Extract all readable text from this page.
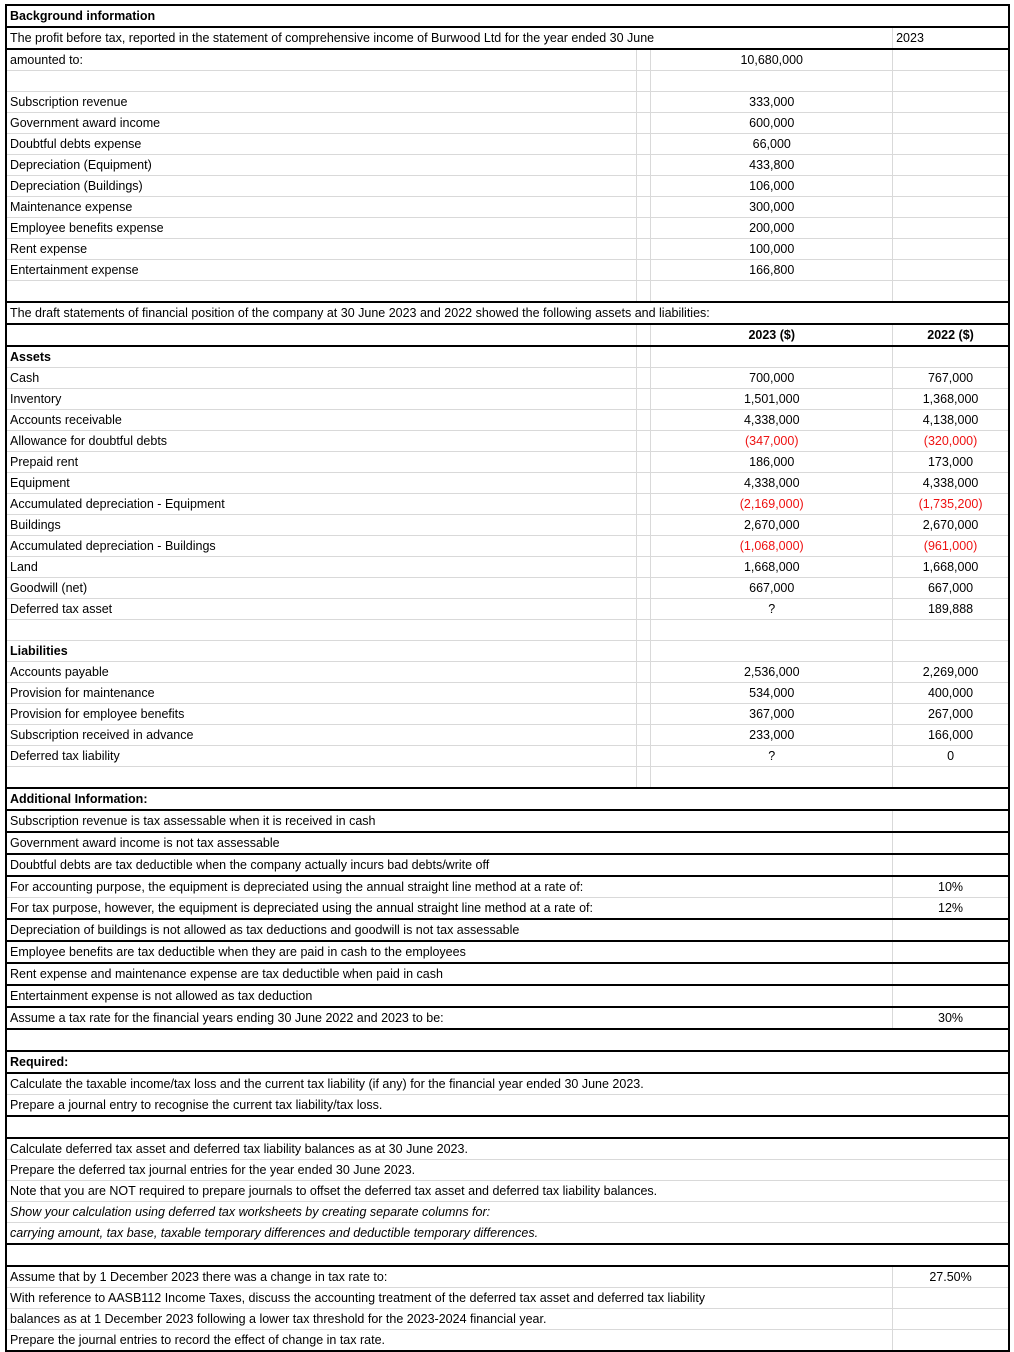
Background information			
The profit before tax, reported in the statement of comprehensive income of Burwood Ltd for the year ended 30 June			2023
amounted to:		10,680,000	

Subscription revenue		333,000	
Government award income		600,000	
Doubtful debts expense		66,000	
Depreciation (Equipment)		433,800	
Depreciation (Buildings)		106,000	
Maintenance expense		300,000	
Employee benefits expense		200,000	
Rent expense		100,000	
Entertainment expense		166,800	

The draft statements of financial position of the company at 30 June 2023 and 2022 showed the following assets and liabilities:			
		2023 ($)	2022 ($)
Assets			
Cash		700,000	767,000
Inventory		1,501,000	1,368,000
Accounts receivable		4,338,000	4,138,000
Allowance for doubtful debts		(347,000)	(320,000)
Prepaid rent		186,000	173,000
Equipment		4,338,000	4,338,000
Accumulated depreciation - Equipment		(2,169,000)	(1,735,200)
Buildings		2,670,000	2,670,000
Accumulated depreciation - Buildings		(1,068,000)	(961,000)
Land		1,668,000	1,668,000
Goodwill (net)		667,000	667,000
Deferred tax asset		?	189,888

Liabilities			
Accounts payable		2,536,000	2,269,000
Provision for maintenance		534,000	400,000
Provision for employee benefits		367,000	267,000
Subscription received in advance		233,000	166,000
Deferred tax liability		?	0

Additional Information:			
Subscription revenue is tax assessable when it is received in cash			
Government award income is not tax assessable			
Doubtful debts are tax deductible when the company actually incurs bad debts/write off			
For accounting purpose, the equipment is depreciated using the annual straight line method at a rate of:			10%
For tax purpose, however, the equipment is depreciated using the annual straight line method at a rate of:			12%
Depreciation of buildings is not allowed as tax deductions and goodwill is not tax assessable			
Employee benefits are tax deductible when they are paid in cash to the employees			
Rent expense and maintenance expense are tax deductible when paid in cash			
Entertainment expense is not allowed as tax deduction			
Assume a tax rate for the financial years ending 30 June 2022 and 2023 to be:			30%

Required:			
Calculate the taxable income/tax loss and the current tax liability (if any) for the financial year ended 30 June 2023.			
Prepare a journal entry to recognise the current tax liability/tax loss.			

Calculate deferred tax asset and deferred tax liability balances as at 30 June 2023.			
Prepare the deferred tax journal entries for the year ended 30 June 2023.			
Note that you are NOT required to prepare journals to offset the deferred tax asset and deferred tax liability balances.			
Show your calculation using deferred tax worksheets by creating separate columns for:			
carrying amount, tax base, taxable temporary differences and deductible temporary differences.			

Assume that by 1 December 2023 there was a change in tax rate to:			27.50%
With reference to AASB112 Income Taxes, discuss the accounting treatment of the deferred tax asset and deferred tax liability			
balances as at 1 December 2023 following a lower tax threshold for the 2023-2024 financial year.			
Prepare the journal entries to record the effect of change in tax rate.			
